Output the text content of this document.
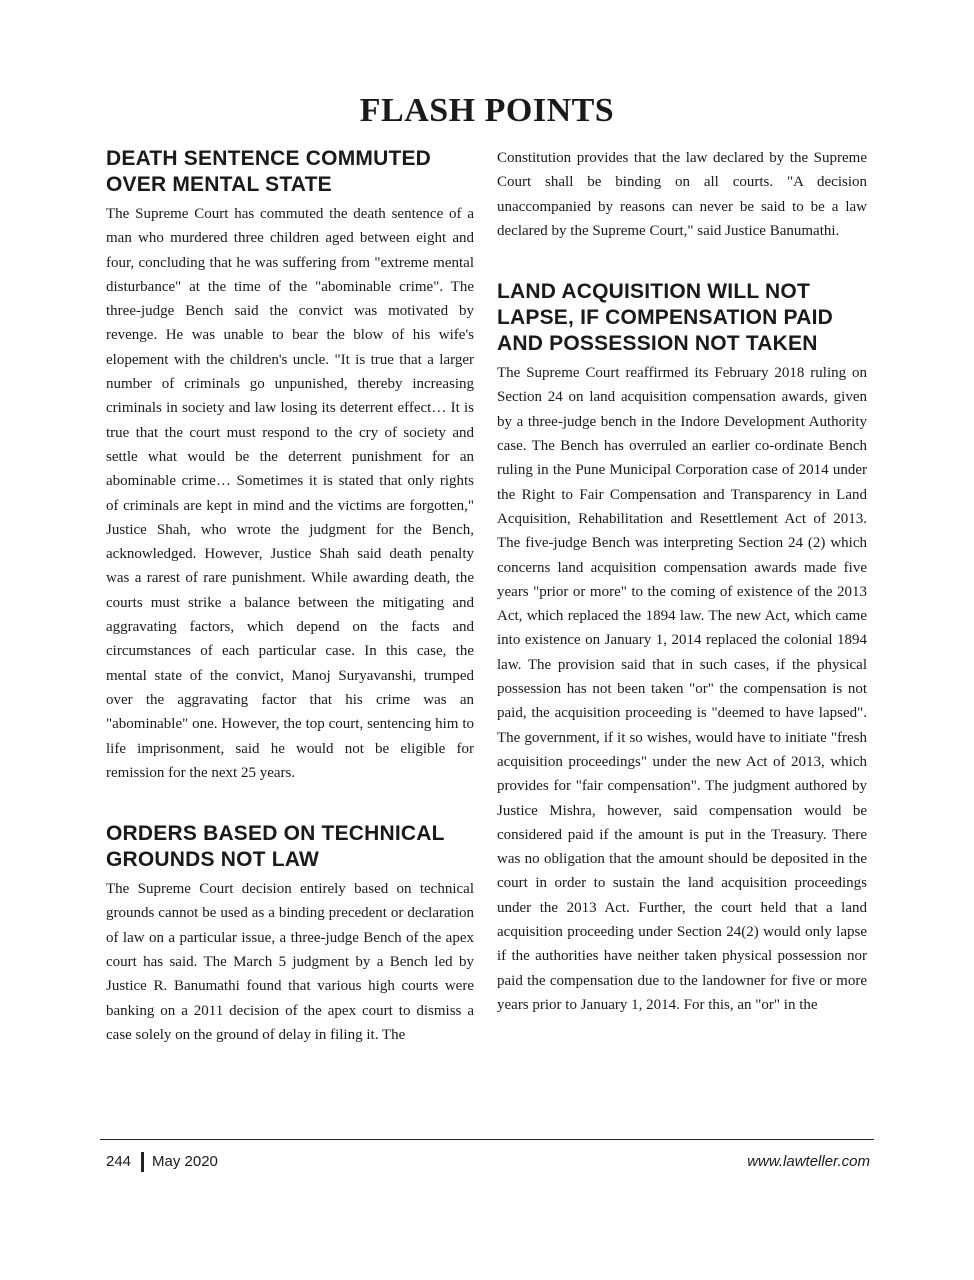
FLASH POINTS
DEATH SENTENCE COMMUTED OVER MENTAL STATE

The Supreme Court has commuted the death sentence of a man who murdered three children aged between eight and four, concluding that he was suffering from "extreme mental disturbance" at the time of the "abominable crime". The three-judge Bench said the convict was motivated by revenge. He was unable to bear the blow of his wife's elopement with the children's uncle. "It is true that a larger number of criminals go unpunished, thereby increasing criminals in society and law losing its deterrent effect… It is true that the court must respond to the cry of society and settle what would be the deterrent punishment for an abominable crime… Sometimes it is stated that only rights of criminals are kept in mind and the victims are forgotten," Justice Shah, who wrote the judgment for the Bench, acknowledged. However, Justice Shah said death penalty was a rarest of rare punishment. While awarding death, the courts must strike a balance between the mitigating and aggravating factors, which depend on the facts and circumstances of each particular case. In this case, the mental state of the convict, Manoj Suryavanshi, trumped over the aggravating factor that his crime was an "abominable" one. However, the top court, sentencing him to life imprisonment, said he would not be eligible for remission for the next 25 years.

ORDERS BASED ON TECHNICAL GROUNDS NOT LAW

The Supreme Court decision entirely based on technical grounds cannot be used as a binding precedent or declaration of law on a particular issue, a three-judge Bench of the apex court has said. The March 5 judgment by a Bench led by Justice R. Banumathi found that various high courts were banking on a 2011 decision of the apex court to dismiss a case solely on the ground of delay in filing it. The

Constitution provides that the law declared by the Supreme Court shall be binding on all courts. "A decision unaccompanied by reasons can never be said to be a law declared by the Supreme Court," said Justice Banumathi.

LAND ACQUISITION WILL NOT LAPSE, IF COMPENSATION PAID AND POSSESSION NOT TAKEN

The Supreme Court reaffirmed its February 2018 ruling on Section 24 on land acquisition compensation awards, given by a three-judge bench in the Indore Development Authority case. The Bench has overruled an earlier co-ordinate Bench ruling in the Pune Municipal Corporation case of 2014 under the Right to Fair Compensation and Transparency in Land Acquisition, Rehabilitation and Resettlement Act of 2013. The five-judge Bench was interpreting Section 24 (2) which concerns land acquisition compensation awards made five years "prior or more" to the coming of existence of the 2013 Act, which replaced the 1894 law. The new Act, which came into existence on January 1, 2014 replaced the colonial 1894 law. The provision said that in such cases, if the physical possession has not been taken "or" the compensation is not paid, the acquisition proceeding is "deemed to have lapsed". The government, if it so wishes, would have to initiate "fresh acquisition proceedings" under the new Act of 2013, which provides for "fair compensation". The judgment authored by Justice Mishra, however, said compensation would be considered paid if the amount is put in the Treasury. There was no obligation that the amount should be deposited in the court in order to sustain the land acquisition proceedings under the 2013 Act. Further, the court held that a land acquisition proceeding under Section 24(2) would only lapse if the authorities have neither taken physical possession nor paid the compensation due to the landowner for five or more years prior to January 1, 2014. For this, an "or" in the

244 May 2020	www.lawteller.com
